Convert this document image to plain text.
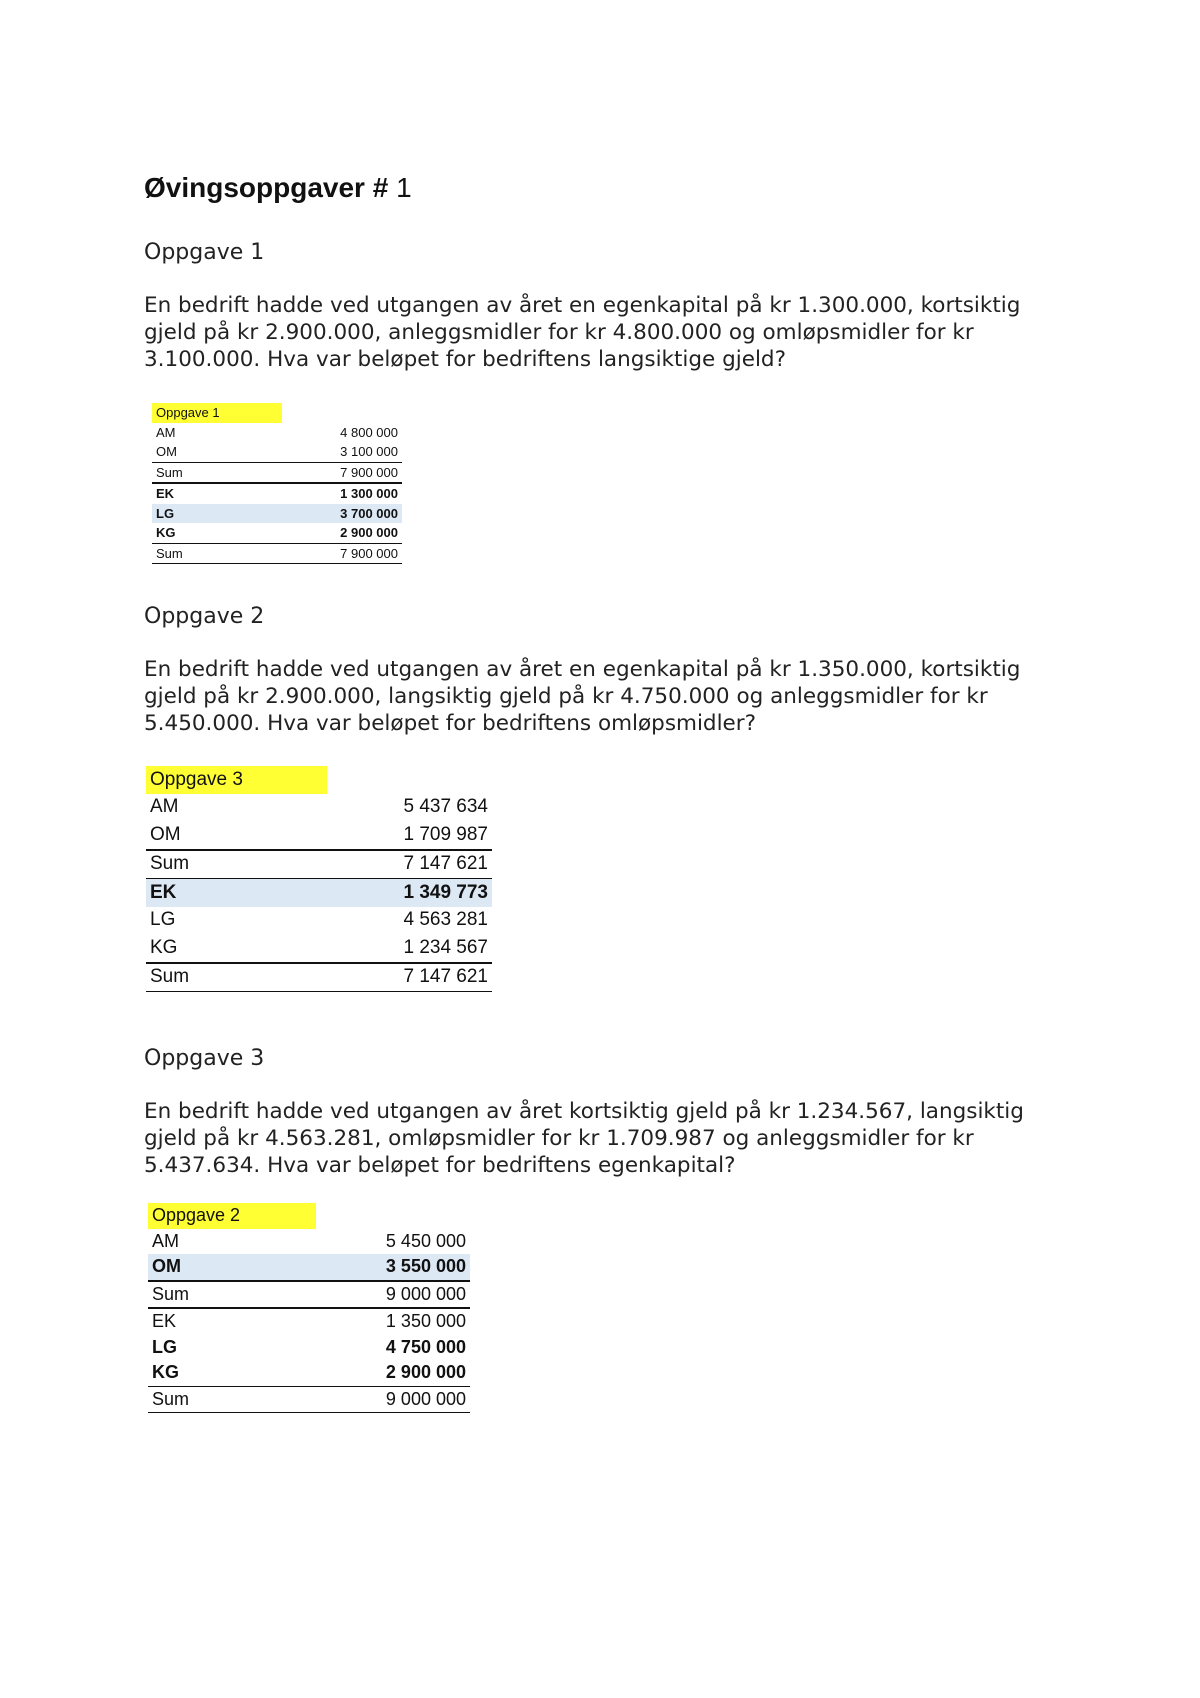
Øvingsoppgaver # 1
Oppgave 1

En bedrift hadde ved utgangen av året en egenkapital på kr 1.300.000, kortsiktig
gjeld på kr 2.900.000, anleggsmidler for kr 4.800.000 og omløpsmidler for kr
3.100.000. Hva var beløpet for bedriftens langsiktige gjeld?

Oppgave 1	
AM	4 800 000
OM	3 100 000
Sum	7 900 000
EK	1 300 000
LG	3 700 000
KG	2 900 000
Sum	7 900 000
Oppgave 2

En bedrift hadde ved utgangen av året en egenkapital på kr 1.350.000, kortsiktig
gjeld på kr 2.900.000, langsiktig gjeld på kr 4.750.000 og anleggsmidler for kr
5.450.000. Hva var beløpet for bedriftens omløpsmidler?

Oppgave 3	
AM	5 437 634
OM	1 709 987
Sum	7 147 621
EK	1 349 773
LG	4 563 281
KG	1 234 567
Sum	7 147 621
Oppgave 3

En bedrift hadde ved utgangen av året kortsiktig gjeld på kr 1.234.567, langsiktig
gjeld på kr 4.563.281, omløpsmidler for kr 1.709.987 og anleggsmidler for kr
5.437.634. Hva var beløpet for bedriftens egenkapital?

Oppgave 2	
AM	5 450 000
OM	3 550 000
Sum	9 000 000
EK	1 350 000
LG	4 750 000
KG	2 900 000
Sum	9 000 000
